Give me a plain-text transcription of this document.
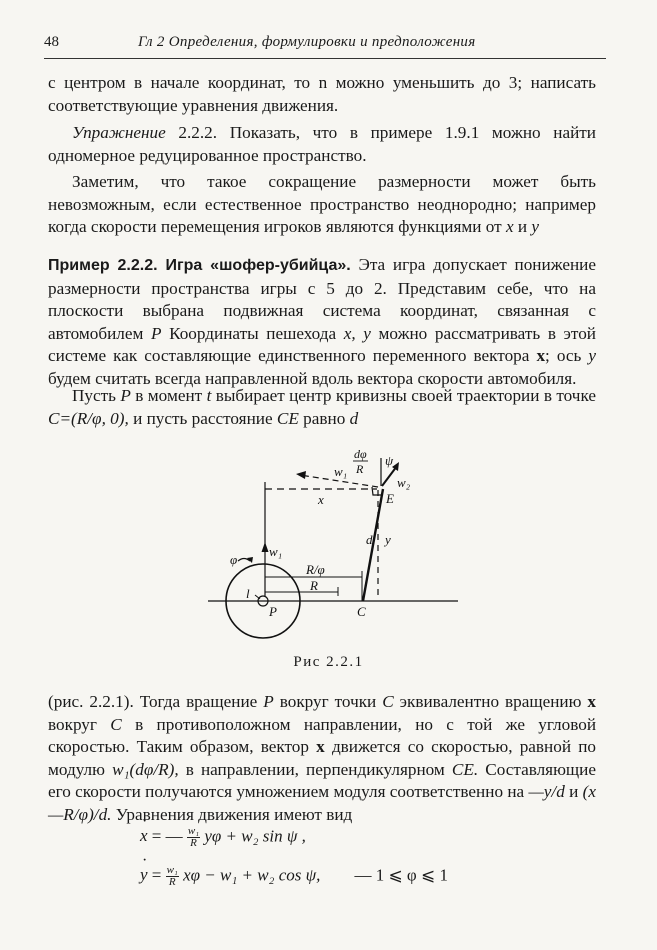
48	Гл 2 Определения, формулировки и предположения
с центром в начале координат, то n можно уменьшить до 3; написать соответствующие уравнения движения.
Упражнение 2.2.2. Показать, что в примере 1.9.1 можно найти одномерное редуцированное пространство.
Заметим, что такое сокращение размерности может быть невозможным, если естественное пространство неоднородно; например когда скорости перемещения игроков являются функциями от x и y
Пример 2.2.2. Игра «шофер-убийца». Эта игра допускает понижение размерности пространства игры с 5 до 2. Представим себе, что на плоскости выбрана подвижная система координат, связанная с автомобилем P Координаты пешехода x, y можно рассматривать в этой системе как составляющие единственного переменного вектора x; ось y будем считать всегда направленной вдоль вектора скорости автомобиля.
Пусть P в момент t выбирает центр кривизны своей траектории в точке C=(R/φ, 0), и пусть расстояние CE равно d
w₁
dφ
R
ψ
w₂
x	E
d y
w₁
φ
l
R/φ
R
P	C
Рис 2.2.1
(рис. 2.2.1). Тогда вращение P вокруг точки C эквивалентно вращению x вокруг C в противоположном направлении, но с той же угловой скоростью. Таким образом, вектор x движется со скоростью, равной по модулю w₁(dφ/R), в направлении, перпендикулярном CE. Составляющие его скорости получаются умножением модуля соответственно на —y/d и (x—R/φ)/d. Уравнения движения имеют вид
· x = — $\frac{\text{w₁}}{R}$ yφ + w₂ sin ψ ,
· $y = \frac{\text{w₁}}{R}$ xφ − w₁ + w₂ cos ψ, — 1 ⩽ φ ⩽ 1
